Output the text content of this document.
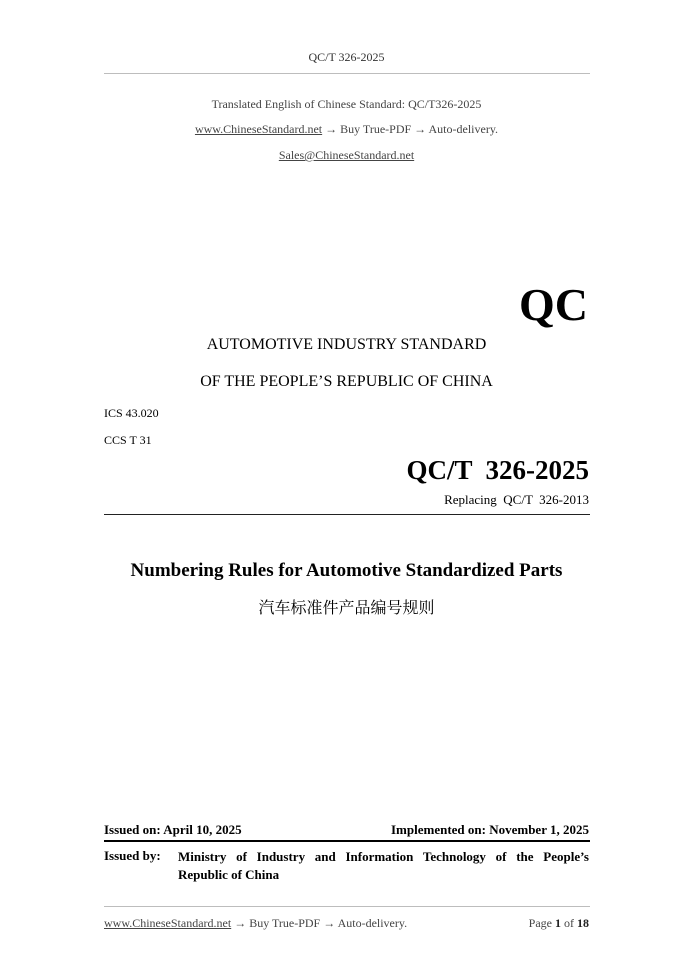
QC/T 326-2025
Translated English of Chinese Standard: QC/T326-2025
www.ChineseStandard.net → Buy True-PDF → Auto-delivery.
Sales@ChineseStandard.net
QC
AUTOMOTIVE INDUSTRY STANDARD
OF THE PEOPLE’S REPUBLIC OF CHINA
ICS 43.020
CCS T 31
QC/T  326-2025
Replacing  QC/T  326-2013
Numbering Rules for Automotive Standardized Parts
汽车标准件产品编号规则
Issued on: April 10, 2025	Implemented on: November 1, 2025
Issued by: Ministry of Industry and Information Technology of the People’s Republic of China
www.ChineseStandard.net → Buy True-PDF → Auto-delivery.	Page 1 of 18
